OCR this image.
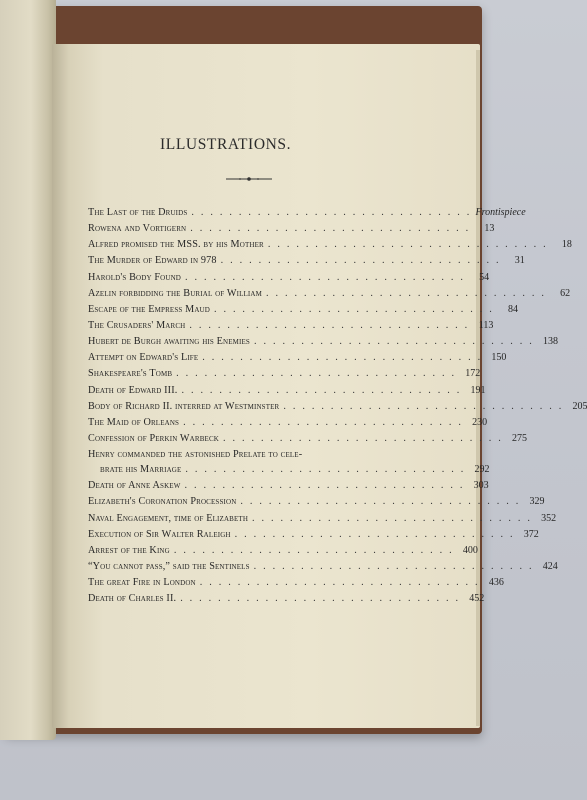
ILLUSTRATIONS.
The Last of the Druids . . . . . . . . . . . . . . . . . . . . . . . . . . . . . . Frontispiece
Rowena and Vortigern . . . . . . . . . . . . . . . . . . . . . . . . . . . . . .	13
Alfred promised the MSS. by his Mother . . . . . . . . . . . . . . . . . . . . . . . . . . . . . .	18
The Murder of Edward in 978 . . . . . . . . . . . . . . . . . . . . . . . . . . . . . .	31
Harold's Body Found . . . . . . . . . . . . . . . . . . . . . . . . . . . . . .	54
Azelin forbidding the Burial of William . . . . . . . . . . . . . . . . . . . . . . . . . . . . . .	62
Escape of the Empress Maud . . . . . . . . . . . . . . . . . . . . . . . . . . . . . .	84
The Crusaders' March . . . . . . . . . . . . . . . . . . . . . . . . . . . . . . 113
Hubert de Burgh awaiting his Enemies . . . . . . . . . . . . . . . . . . . . . . . . . . . . . . 138
Attempt on Edward's Life . . . . . . . . . . . . . . . . . . . . . . . . . . . . . . 150
Shakespeare's Tomb . . . . . . . . . . . . . . . . . . . . . . . . . . . . . . 172
Death of Edward III. . . . . . . . . . . . . . . . . . . . . . . . . . . . . . . 191
Body of Richard II. interred at Westminster . . . . . . . . . . . . . . . . . . . . . . . . . . . . . . 205
The Maid of Orleans . . . . . . . . . . . . . . . . . . . . . . . . . . . . . . 230
Confession of Perkin Warbeck . . . . . . . . . . . . . . . . . . . . . . . . . . . . . . 275
Henry commanded the astonished Prelate to cele-
brate his Marriage . . . . . . . . . . . . . . . . . . . . . . . . . . . . . . 292
Death of Anne Askew . . . . . . . . . . . . . . . . . . . . . . . . . . . . . . 303
Elizabeth's Coronation Procession . . . . . . . . . . . . . . . . . . . . . . . . . . . . . . 329
Naval Engagement, time of Elizabeth . . . . . . . . . . . . . . . . . . . . . . . . . . . . . . 352
Execution of Sir Walter Raleigh . . . . . . . . . . . . . . . . . . . . . . . . . . . . . . 372
Arrest of the King . . . . . . . . . . . . . . . . . . . . . . . . . . . . . . 400
“You cannot pass,” said the Sentinels . . . . . . . . . . . . . . . . . . . . . . . . . . . . . . 424
The great Fire in London . . . . . . . . . . . . . . . . . . . . . . . . . . . . . . 436
Death of Charles II. . . . . . . . . . . . . . . . . . . . . . . . . . . . . . . 452
